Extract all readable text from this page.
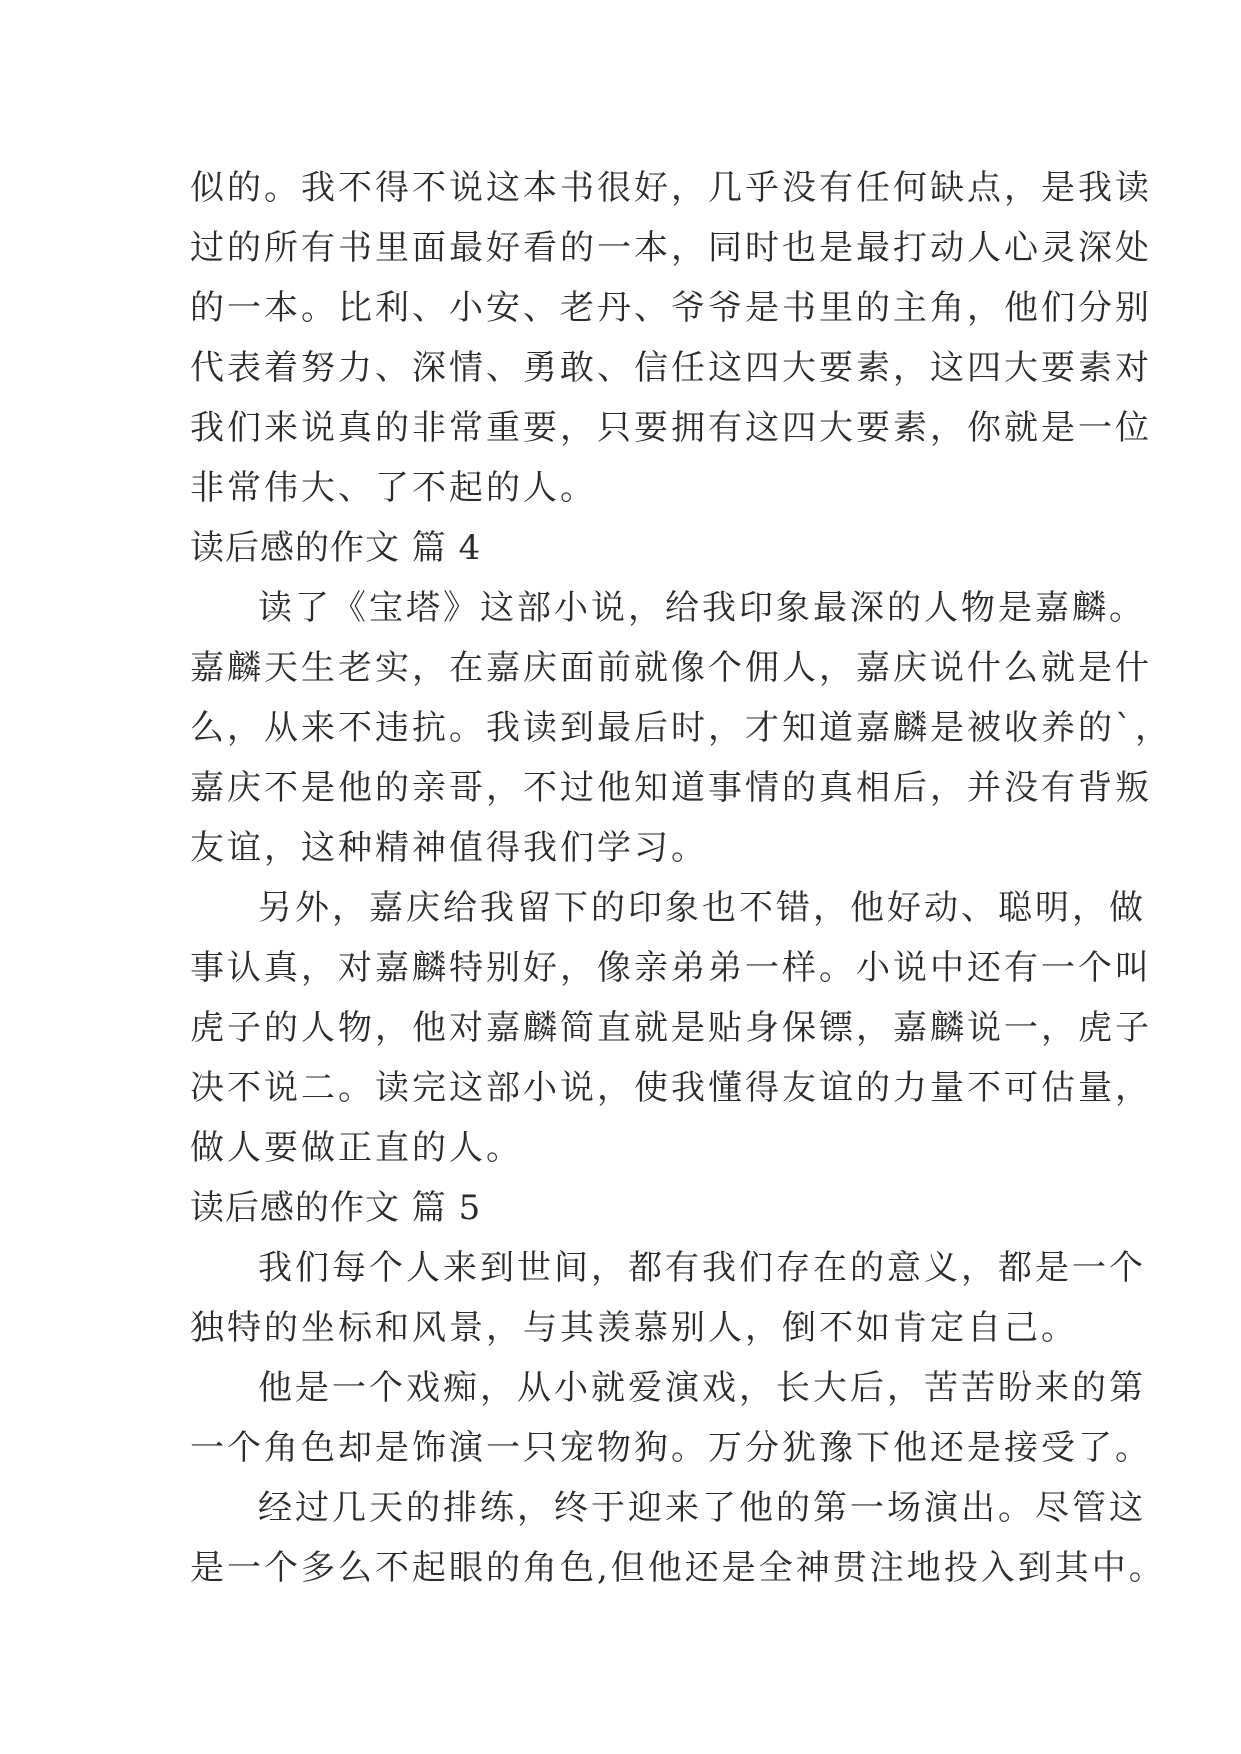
似的。我不得不说这本书很好，几乎没有任何缺点，是我读
过的所有书里面最好看的一本，同时也是最打动人心灵深处
的一本。比利、小安、老丹、爷爷是书里的主角，他们分别
代表着努力、深情、勇敢、信任这四大要素，这四大要素对
我们来说真的非常重要，只要拥有这四大要素，你就是一位
非常伟大、了不起的人。
读后感的作文 篇 4
读了《宝塔》这部小说，给我印象最深的人物是嘉麟。
嘉麟天生老实，在嘉庆面前就像个佣人，嘉庆说什么就是什
么，从来不违抗。我读到最后时，才知道嘉麟是被收养的`，
嘉庆不是他的亲哥，不过他知道事情的真相后，并没有背叛
友谊，这种精神值得我们学习。
另外，嘉庆给我留下的印象也不错，他好动、聪明，做
事认真，对嘉麟特别好，像亲弟弟一样。小说中还有一个叫
虎子的人物，他对嘉麟简直就是贴身保镖，嘉麟说一，虎子
决不说二。读完这部小说，使我懂得友谊的力量不可估量，
做人要做正直的人。
读后感的作文 篇 5
我们每个人来到世间，都有我们存在的意义，都是一个
独特的坐标和风景，与其羡慕别人，倒不如肯定自己。
他是一个戏痴，从小就爱演戏，长大后，苦苦盼来的第
一个角色却是饰演一只宠物狗。万分犹豫下他还是接受了。
经过几天的排练，终于迎来了他的第一场演出。尽管这
是一个多么不起眼的角色,但他还是全神贯注地投入到其中。
